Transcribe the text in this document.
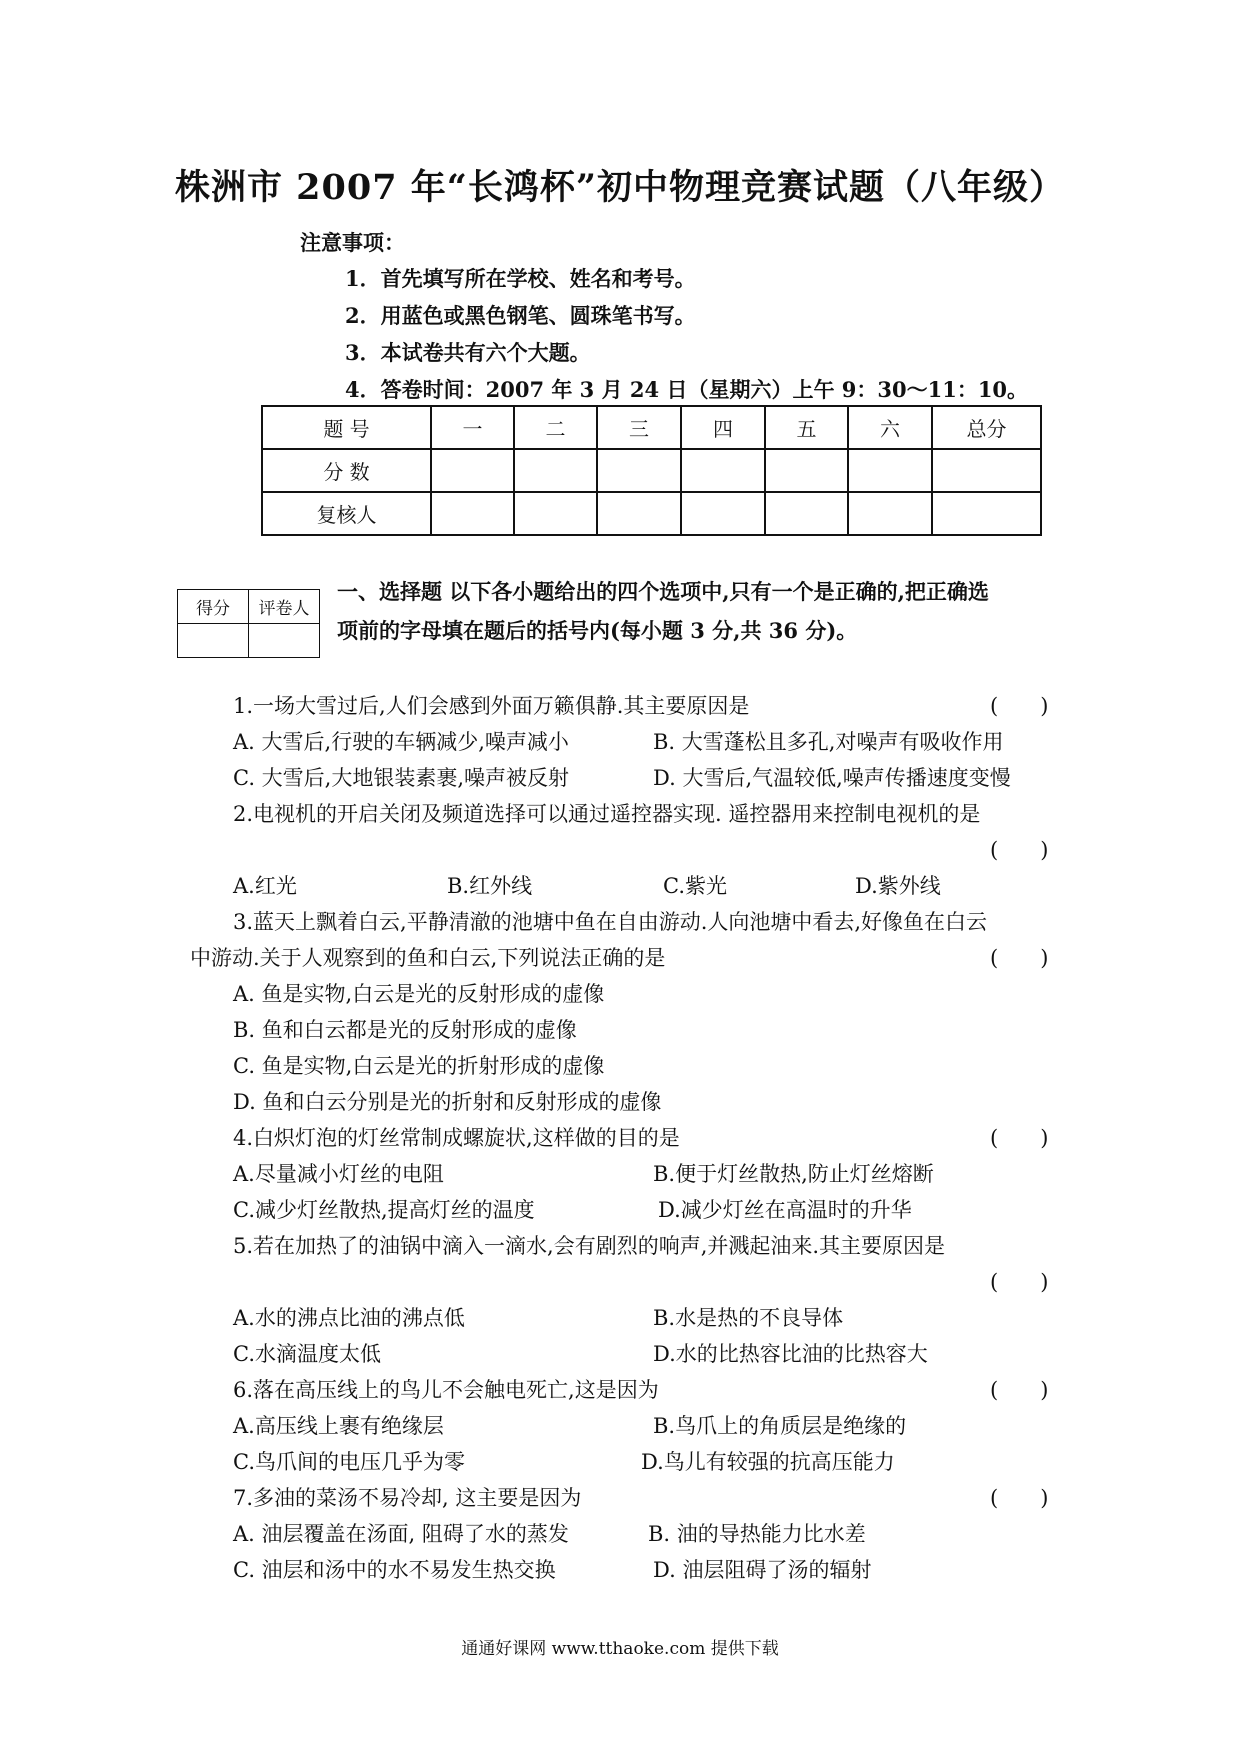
株洲市 2007 年“长鸿杯”初中物理竞赛试题（八年级）
注意事项：
1．首先填写所在学校、姓名和考号。
2．用蓝色或黑色钢笔、圆珠笔书写。
3．本试卷共有六个大题。
4．答卷时间：2007 年 3 月 24 日（星期六）上午 9：30～11：10。
题 号	一	二	三	四	五	六	总分
分 数							
复核人							
得分	评卷人

一、选择题 以下各小题给出的四个选项中,只有一个是正确的,把正确选
项前的字母填在题后的括号内(每小题 3 分,共 36 分)。
1.一场大雪过后,人们会感到外面万籁俱静.其主要原因是	(　　)
A. 大雪后,行驶的车辆减少,噪声减小	B. 大雪蓬松且多孔,对噪声有吸收作用
C. 大雪后,大地银装素裹,噪声被反射	D. 大雪后,气温较低,噪声传播速度变慢
2.电视机的开启关闭及频道选择可以通过遥控器实现. 遥控器用来控制电视机的是
(　　)
A.红光	B.红外线	C.紫光	D.紫外线
3.蓝天上飘着白云,平静清澈的池塘中鱼在自由游动.人向池塘中看去,好像鱼在白云
中游动.关于人观察到的鱼和白云,下列说法正确的是	(　　)
A. 鱼是实物,白云是光的反射形成的虚像
B. 鱼和白云都是光的反射形成的虚像
C. 鱼是实物,白云是光的折射形成的虚像
D. 鱼和白云分别是光的折射和反射形成的虚像
4.白炽灯泡的灯丝常制成螺旋状,这样做的目的是	(　　)
A.尽量减小灯丝的电阻	B.便于灯丝散热,防止灯丝熔断
C.减少灯丝散热,提高灯丝的温度	D.减少灯丝在高温时的升华
5.若在加热了的油锅中滴入一滴水,会有剧烈的响声,并溅起油来.其主要原因是
(　　)
A.水的沸点比油的沸点低	B.水是热的不良导体
C.水滴温度太低	D.水的比热容比油的比热容大
6.落在高压线上的鸟儿不会触电死亡,这是因为	(　　)
A.高压线上裹有绝缘层	B.鸟爪上的角质层是绝缘的
C.鸟爪间的电压几乎为零	D.鸟儿有较强的抗高压能力
7.多油的菜汤不易冷却, 这主要是因为	(　　)
A. 油层覆盖在汤面, 阻碍了水的蒸发	B. 油的导热能力比水差
C. 油层和汤中的水不易发生热交换	D. 油层阻碍了汤的辐射
通通好课网 www.tthaoke.com 提供下载
